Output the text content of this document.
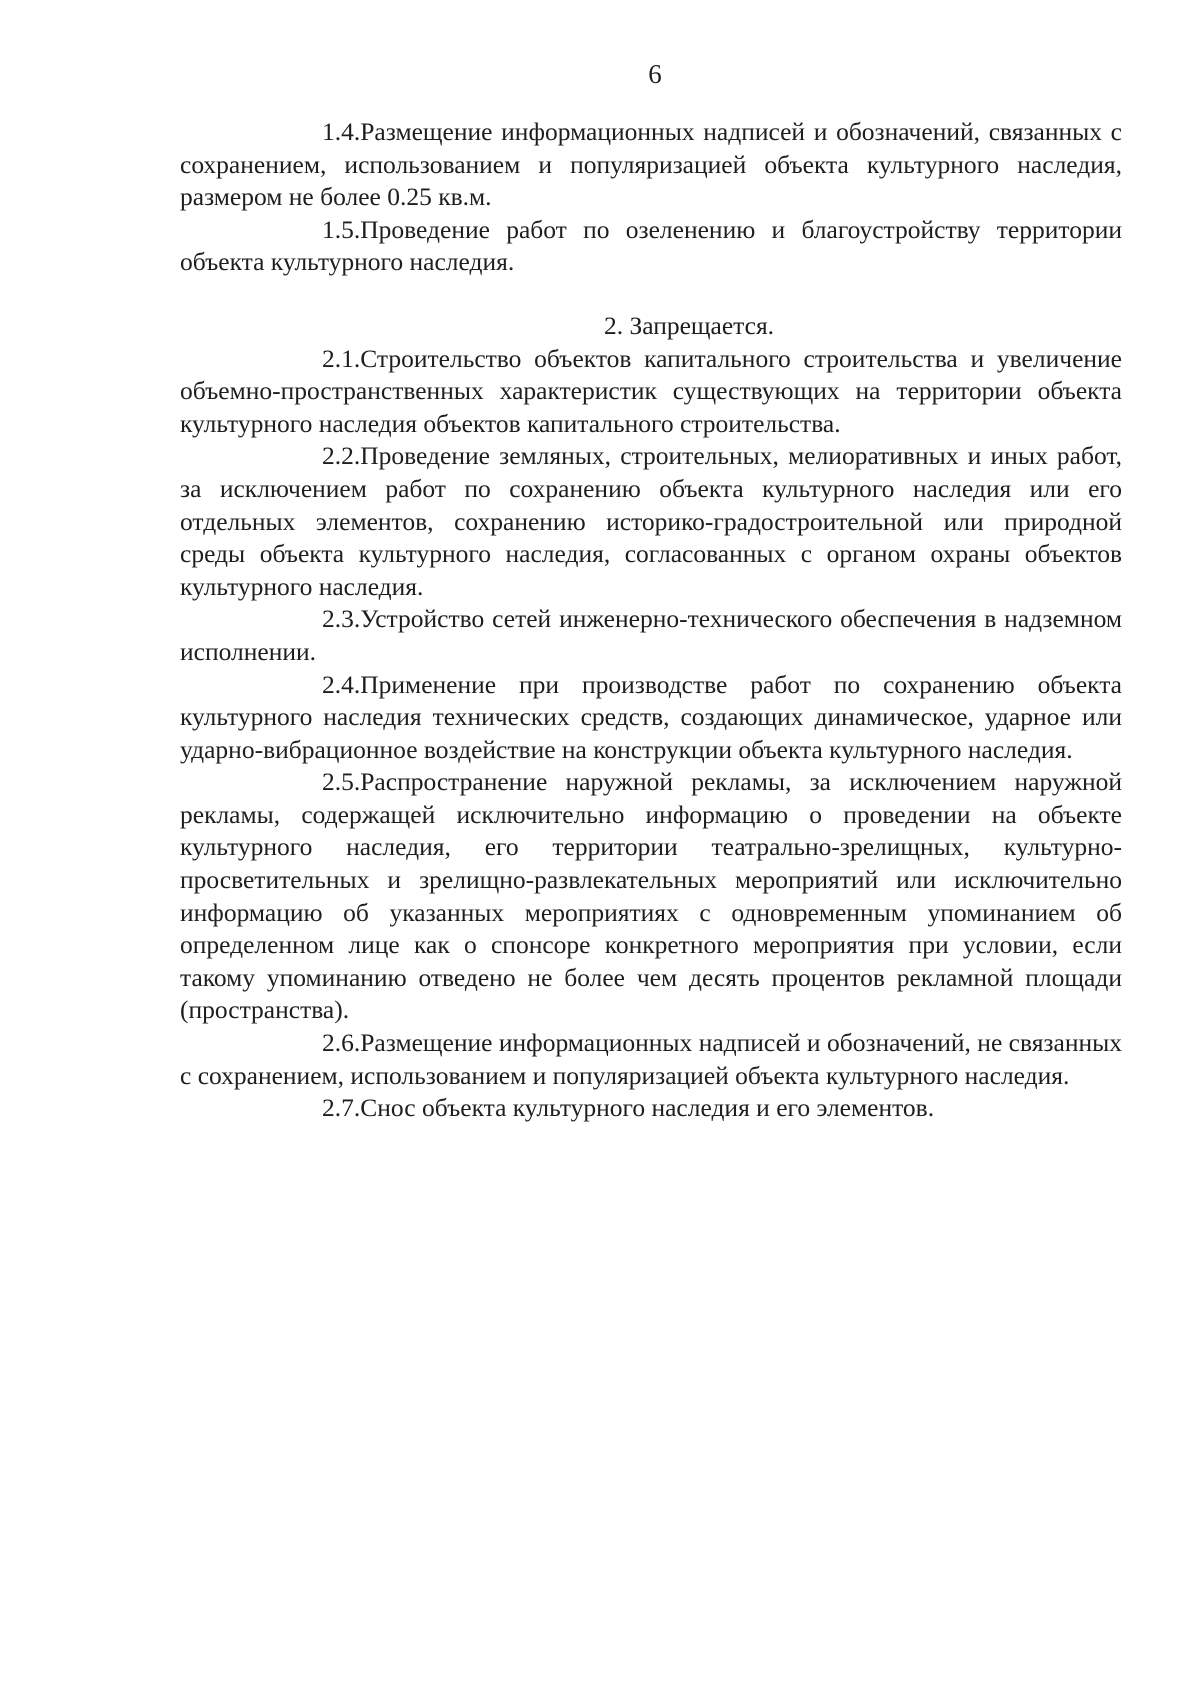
6

1.4.Размещение информационных надписей и обозначений, связанных с сохранением, использованием и популяризацией объекта культурного наследия, размером не более 0.25 кв.м.

1.5.Проведение работ по озеленению и благоустройству территории объекта культурного наследия.

2. Запрещается.

2.1.Строительство объектов капитального строительства и увеличение объемно-пространственных характеристик существующих на территории объекта культурного наследия объектов капитального строительства.

2.2.Проведение земляных, строительных, мелиоративных и иных работ, за исключением работ по сохранению объекта культурного наследия или его отдельных элементов, сохранению историко-градостроительной или природной среды объекта культурного наследия, согласованных с органом охраны объектов культурного наследия.

2.3.Устройство сетей инженерно-технического обеспечения в надземном исполнении.

2.4.Применение при производстве работ по сохранению объекта культурного наследия технических средств, создающих динамическое, ударное или ударно-вибрационное воздействие на конструкции объекта культурного наследия.

2.5.Распространение наружной рекламы, за исключением наружной рекламы, содержащей исключительно информацию о проведении на объекте культурного наследия, его территории театрально-зрелищных, культурно-просветительных и зрелищно-развлекательных мероприятий или исключительно информацию об указанных мероприятиях с одновременным упоминанием об определенном лице как о спонсоре конкретного мероприятия при условии, если такому упоминанию отведено не более чем десять процентов рекламной площади (пространства).

2.6.Размещение информационных надписей и обозначений, не связанных с сохранением, использованием и популяризацией объекта культурного наследия.

2.7.Снос объекта культурного наследия и его элементов.
